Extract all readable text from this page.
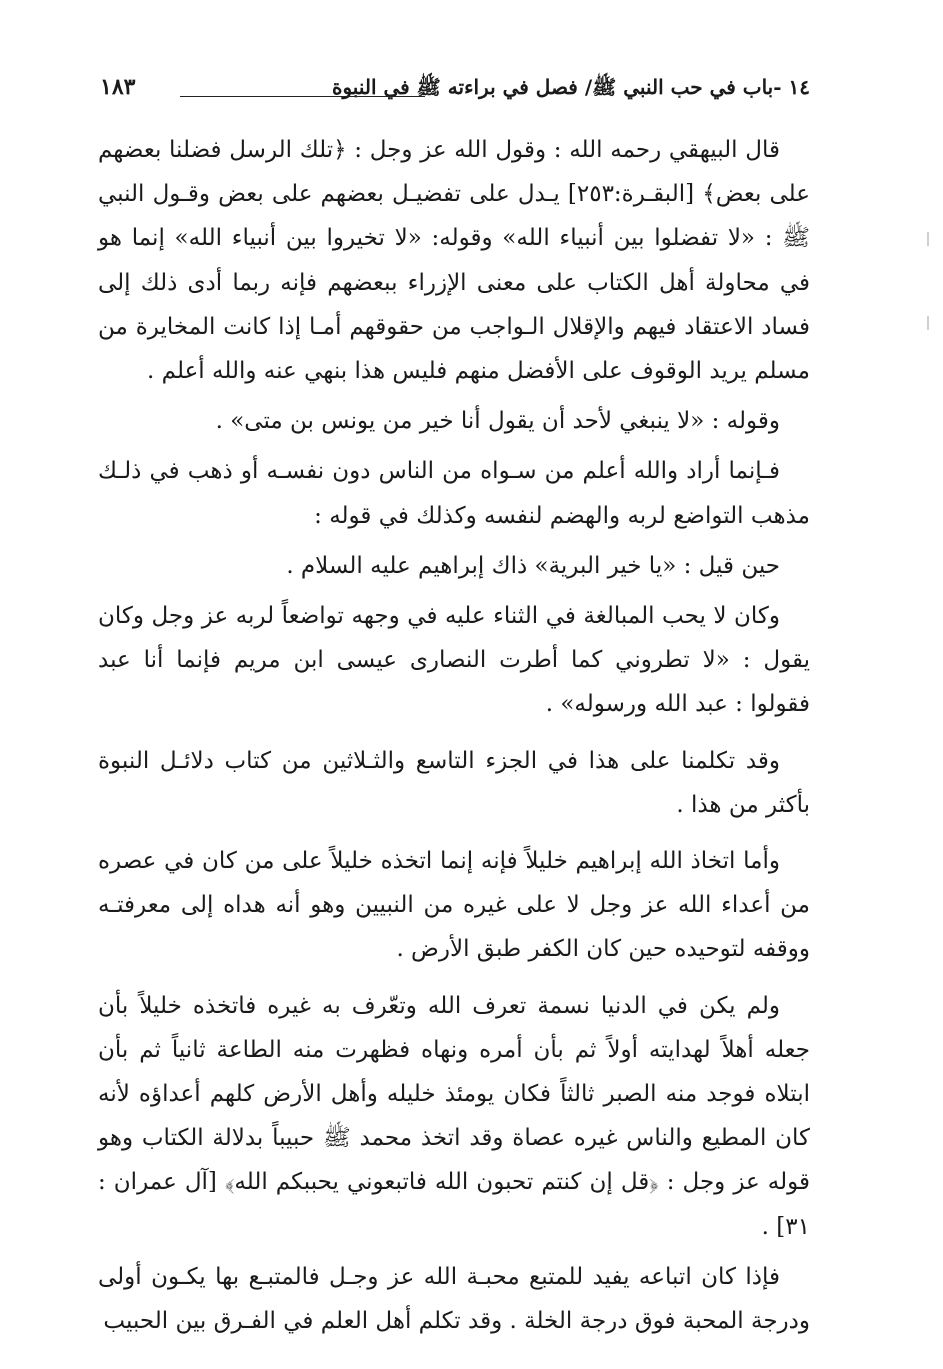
١٤ -باب في حب النبي ﷺ/ فصل في براءته ﷺ في النبوة
١٨٣

قال البيهقي رحمه الله : وقول الله عز وجل : ﴿تلك الرسل فضلنا بعضهم على بعض﴾ [البقـرة:٢٥٣] يـدل على تفضيـل بعضهم على بعض وقـول النبي ﷺ : «لا تفضلوا بين أنبياء الله» وقوله: «لا تخيروا بين أنبياء الله» إنما هو في محاولة أهل الكتاب على معنى الإزراء ببعضهم فإنه ربما أدى ذلك إلى فساد الاعتقاد فيهم والإقلال الـواجب من حقوقهم أمـا إذا كانت المخايرة من مسلم يريد الوقوف على الأفضل منهم فليس هذا بنهي عنه والله أعلم .

وقوله : «لا ينبغي لأحد أن يقول أنا خير من يونس بن متى» .

فـإنما أراد والله أعلم من سـواه من الناس دون نفسـه أو ذهب في ذلـك مذهب التواضع لربه والهضم لنفسه وكذلك في قوله :

حين قيل : «يا خير البرية» ذاك إبراهيم عليه السلام .

وكان لا يحب المبالغة في الثناء عليه في وجهه تواضعاً لربه عز وجل وكان يقول : «لا تطروني كما أطرت النصارى عيسى ابن مريم فإنما أنا عبد فقولوا : عبد الله ورسوله» .

وقد تكلمنا على هذا في الجزء التاسع والثـلاثين من كتاب دلائـل النبوة بأكثر من هذا .

وأما اتخاذ الله إبراهيم خليلاً فإنه إنما اتخذه خليلاً على من كان في عصره من أعداء الله عز وجل لا على غيره من النبيين وهو أنه هداه إلى معرفتـه ووقفه لتوحيده حين كان الكفر طبق الأرض .

ولم يكن في الدنيا نسمة تعرف الله وتعّرف به غيره فاتخذه خليلاً بأن جعله أهلاً لهدايته أولاً ثم بأن أمره ونهاه فظهرت منه الطاعة ثانياً ثم بأن ابتلاه فوجد منه الصبر ثالثاً فكان يومئذ خليله وأهل الأرض كلهم أعداؤه لأنه كان المطيع والناس غيره عصاة وقد اتخذ محمد ﷺ حبيباً بدلالة الكتاب وهو قوله عز وجل : ﴿قل إن كنتم تحبون الله فاتبعوني يحببكم الله﴾ [آل عمران : ٣١] .

فإذا كان اتباعه يفيد للمتبع محبـة الله عز وجـل فالمتبـع بها يكـون أولى ودرجة المحبة فوق درجة الخلة . وقد تكلم أهل العلم في الفـرق بين الحبيب
